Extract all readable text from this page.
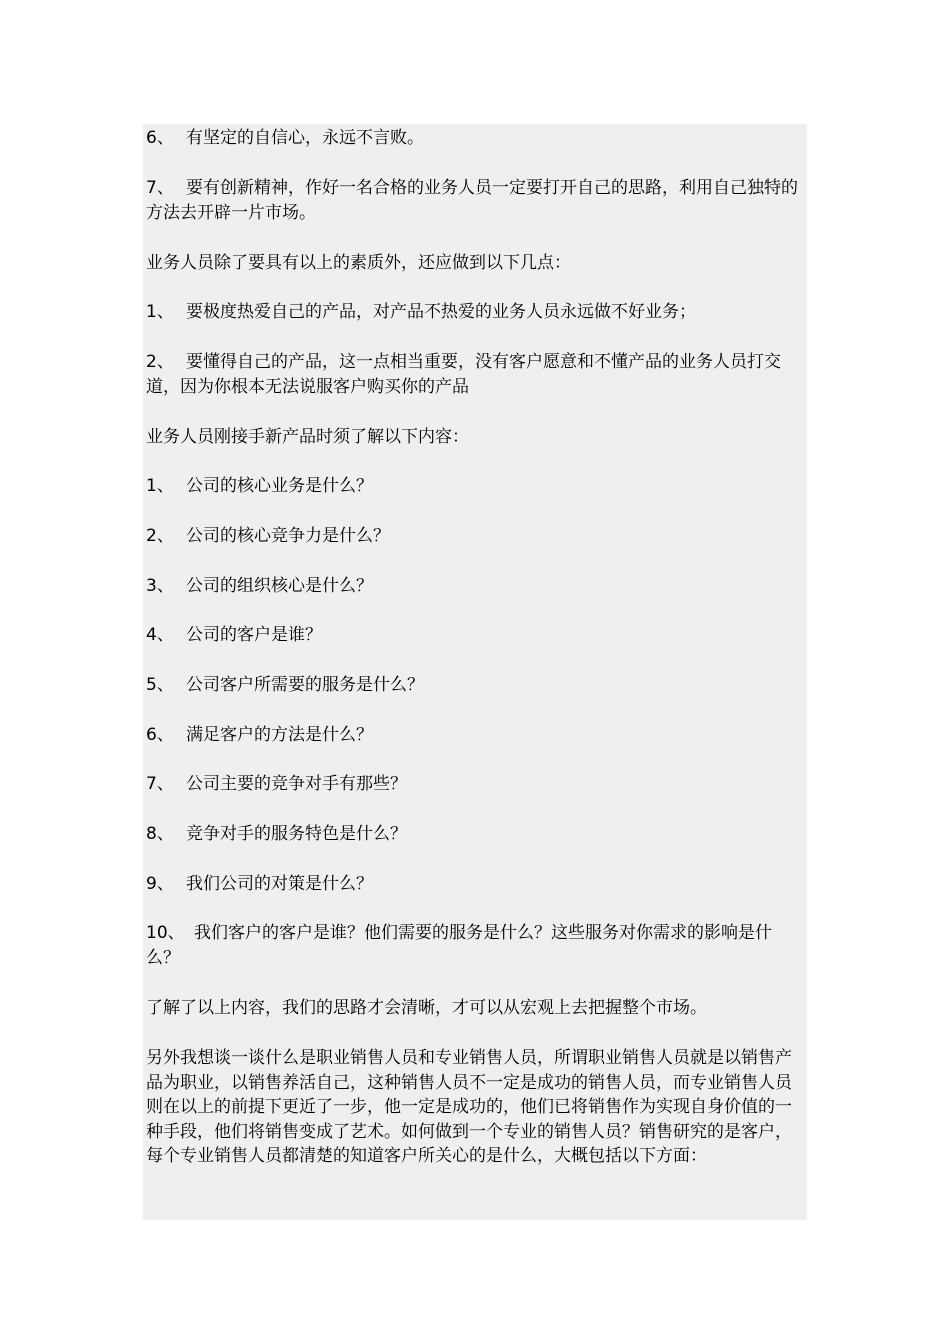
6、 有坚定的自信心，永远不言败。

7、 要有创新精神，作好一名合格的业务人员一定要打开自己的思路，利用自己独特的方法去开辟一片市场。

业务人员除了要具有以上的素质外，还应做到以下几点：

1、 要极度热爱自己的产品，对产品不热爱的业务人员永远做不好业务；

2、 要懂得自己的产品，这一点相当重要，没有客户愿意和不懂产品的业务人员打交道，因为你根本无法说服客户购买你的产品

业务人员刚接手新产品时须了解以下内容：

1、 公司的核心业务是什么？

2、 公司的核心竞争力是什么？

3、 公司的组织核心是什么？

4、 公司的客户是谁？

5、 公司客户所需要的服务是什么？

6、 满足客户的方法是什么？

7、 公司主要的竞争对手有那些？

8、 竞争对手的服务特色是什么？

9、 我们公司的对策是什么？

10、 我们客户的客户是谁？他们需要的服务是什么？这些服务对你需求的影响是什么？

了解了以上内容，我们的思路才会清晰，才可以从宏观上去把握整个市场。

另外我想谈一谈什么是职业销售人员和专业销售人员，所谓职业销售人员就是以销售产品为职业，以销售养活自己，这种销售人员不一定是成功的销售人员，而专业销售人员则在以上的前提下更近了一步，他一定是成功的，他们已将销售作为实现自身价值的一种手段，他们将销售变成了艺术。如何做到一个专业的销售人员？销售研究的是客户，每个专业销售人员都清楚的知道客户所关心的是什么，大概包括以下方面：
